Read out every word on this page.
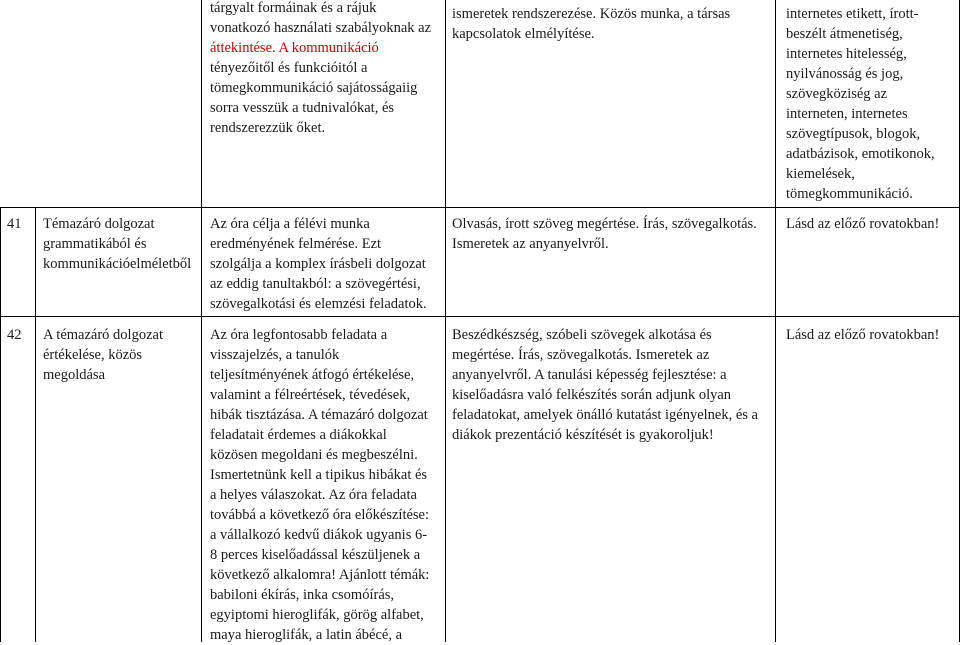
tárgyalt formáinak és a rájuk
vonatkozó használati szabályoknak az
áttekintése. A kommunikáció
tényezőitől és funkcióitól a
tömegkommunikáció sajátosságaiig
sorra vesszük a tudnivalókat, és
rendszerezzük őket.
ismeretek rendszerezése. Közös munka, a társas
kapcsolatok elmélyítése.
internetes etikett, írott-
beszélt átmenetiség,
internetes hitelesség,
nyilvánosság és jog,
szövegköziség az
interneten, internetes
szövegtípusok, blogok,
adatbázisok, emotikonok,
kiemelések,
tömegkommunikáció.
41 Témazáró dolgozat
grammatikából és
kommunikációelméletből
Az óra célja a félévi munka
eredményének felmérése. Ezt
szolgálja a komplex írásbeli dolgozat
az eddig tanultakból: a szövegértési,
szövegalkotási és elemzési feladatok.
Olvasás, írott szöveg megértése. Írás, szövegalkotás.
Ismeretek az anyanyelvről.
Lásd az előző rovatokban!
42 A témazáró dolgozat
értékelése, közös
megoldása
Az óra legfontosabb feladata a
visszajelzés, a tanulók
teljesítményének átfogó értékelése,
valamint a félreértések, tévedések,
hibák tisztázása. A témazáró dolgozat
feladatait érdemes a diákokkal
közösen megoldani és megbeszélni.
Ismertetnünk kell a tipikus hibákat és
a helyes válaszokat. Az óra feladata
továbbá a következő óra előkészítése:
a vállalkozó kedvű diákok ugyanis 6-
8 perces kiselőadással készüljenek a
következő alkalomra! Ajánlott témák:
babiloni ékírás, inka csomóírás,
egyiptomi hieroglifák, görög alfabet,
maya hieroglifák, a latin ábécé, a
Beszédkészség, szóbeli szövegek alkotása és
megértése. Írás, szövegalkotás. Ismeretek az
anyanyelvről. A tanulási képesség fejlesztése: a
kiselőadásra való felkészítés során adjunk olyan
feladatokat, amelyek önálló kutatást igényelnek, és a
diákok prezentáció készítését is gyakoroljuk!
Lásd az előző rovatokban!
